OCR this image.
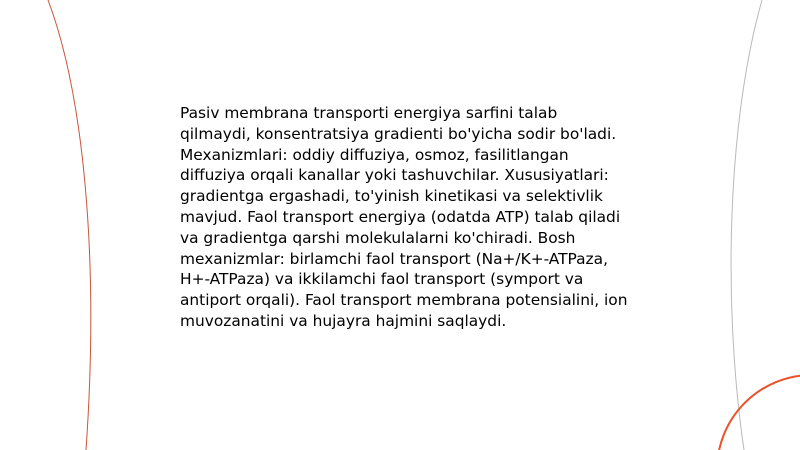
Pasiv membrana transporti energiya sarfini talab qilmaydi, konsentratsiya gradienti bo'yicha sodir bo'ladi. Mexanizmlari: oddiy diffuziya, osmoz, fasilitlangan diffuziya orqali kanallar yoki tashuvchilar. Xususiyatlari: gradientga ergashadi, to'yinish kinetikasi va selektivlik mavjud. Faol transport energiya (odatda ATP) talab qiladi va gradientga qarshi molekulalarni ko'chiradi. Bosh mexanizmlar: birlamchi faol transport (Na+/K+-ATPaza, H+-ATPaza) va ikkilamchi faol transport (symport va antiport orqali). Faol transport membrana potensialini, ion muvozanatini va hujayra hajmini saqlaydi.
